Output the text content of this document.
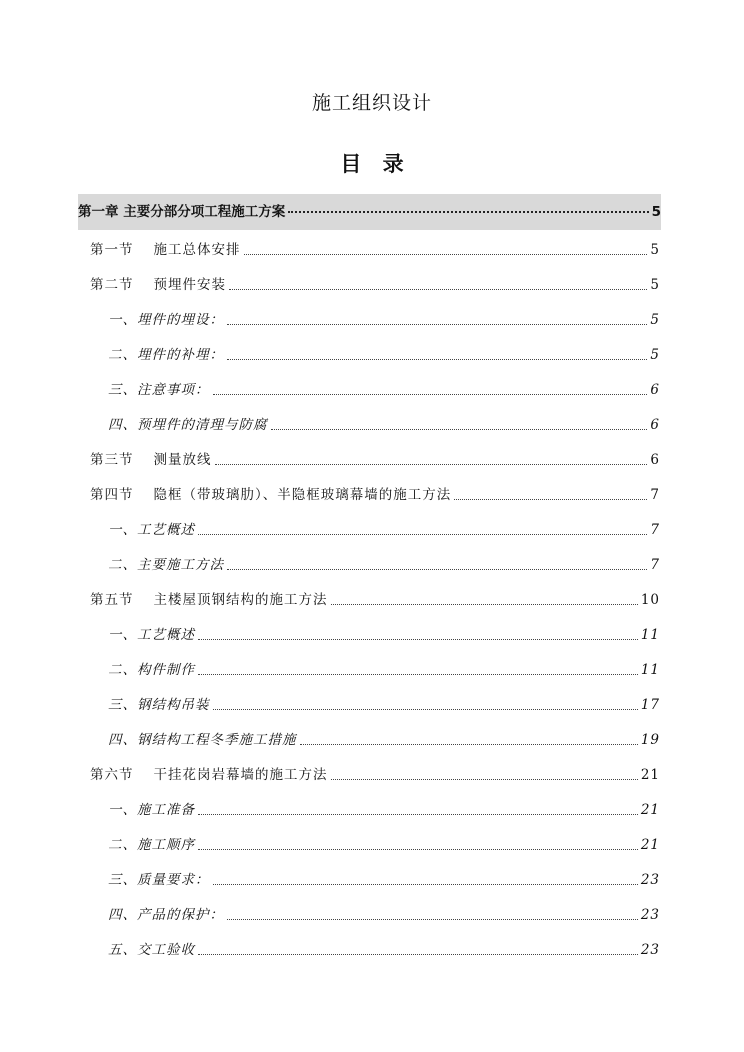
施工组织设计
目 录
第一章 主要分部分项工程施工方案	5
第一节 施工总体安排	5
第二节 预埋件安装	5
一、埋件的埋设：	5
二、埋件的补埋：	5
三、注意事项：	6
四、预埋件的清理与防腐	6
第三节 测量放线	6
第四节 隐框（带玻璃肋）、半隐框玻璃幕墙的施工方法	7
一、工艺概述	7
二、主要施工方法	7
第五节 主楼屋顶钢结构的施工方法	10
一、工艺概述	11
二、构件制作	11
三、钢结构吊装	17
四、钢结构工程冬季施工措施	19
第六节 干挂花岗岩幕墙的施工方法	21
一、施工准备	21
二、施工顺序	21
三、质量要求：	23
四、产品的保护：	23
五、交工验收	23
